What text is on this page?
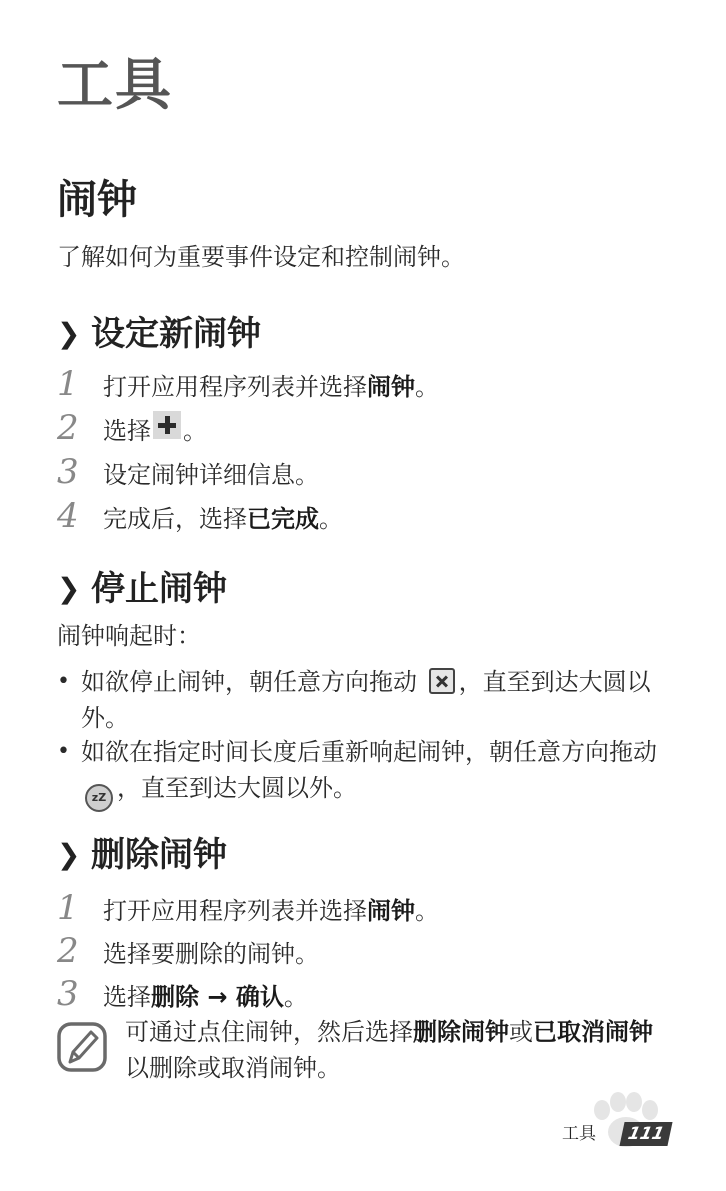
工具
闹钟
了解如何为重要事件设定和控制闹钟。
❯ 设定新闹钟
1	打开应用程序列表并选择 闹钟 。
2	选择 。
3	设定闹钟详细信息。
4	完成后，选择 已完成 。
❯ 停止闹钟
闹钟响起时：
• 如欲停止闹钟，朝任意方向拖动 ，直至到达大圆以外。
• 如欲在指定时间长度后重新响起闹钟，朝任意方向拖动 zZ ，直至到达大圆以外。
❯ 删除闹钟
1	打开应用程序列表并选择 闹钟 。
2	选择要删除的闹钟。
3	选择 删除 → 确认 。
可通过点住闹钟，然后选择删除闹钟或已取消闹钟以删除或取消闹钟。
工具	111
